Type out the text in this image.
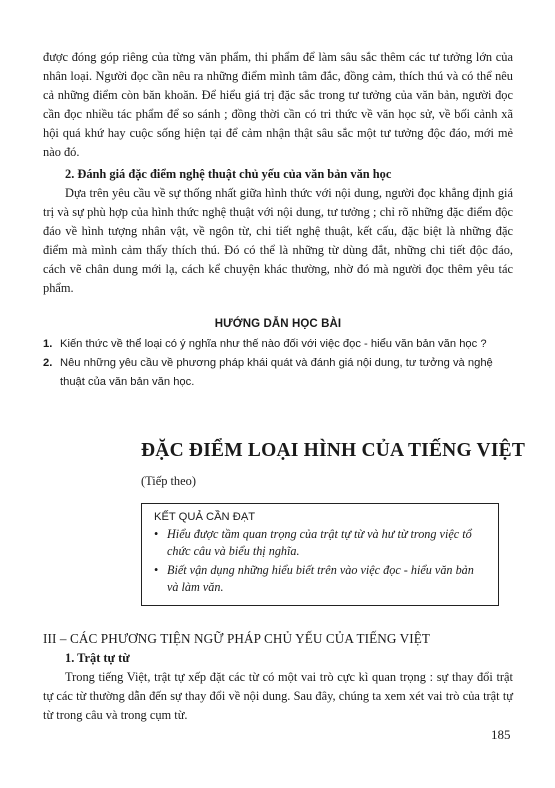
được đóng góp riêng của từng văn phẩm, thi phẩm để làm sâu sắc thêm các tư tưởng lớn của nhân loại. Người đọc cần nêu ra những điểm mình tâm đắc, đồng cảm, thích thú và có thể nêu cả những điểm còn băn khoăn. Để hiểu giá trị đặc sắc trong tư tưởng của văn bản, người đọc cần đọc nhiều tác phẩm để so sánh ; đồng thời cần có tri thức về văn học sử, về bối cảnh xã hội quá khứ hay cuộc sống hiện tại để cảm nhận thật sâu sắc một tư tưởng độc đáo, mới mẻ nào đó.

2. Đánh giá đặc điểm nghệ thuật chủ yếu của văn bản văn học

Dựa trên yêu cầu về sự thống nhất giữa hình thức với nội dung, người đọc khẳng định giá trị và sự phù hợp của hình thức nghệ thuật với nội dung, tư tưởng ; chỉ rõ những đặc điểm độc đáo về hình tượng nhân vật, về ngôn từ, chi tiết nghệ thuật, kết cấu, đặc biệt là những đặc điểm mà mình cảm thấy thích thú. Đó có thể là những từ dùng đắt, những chi tiết độc đáo, cách vẽ chân dung mới lạ, cách kể chuyện khác thường, nhờ đó mà người đọc thêm yêu tác phẩm.

HƯỚNG DẪN HỌC BÀI
1. Kiến thức về thể loại có ý nghĩa như thế nào đối với việc đọc - hiểu văn bản văn học ?
2. Nêu những yêu cầu về phương pháp khái quát và đánh giá nội dung, tư tưởng và nghệ thuật của văn bản văn học.
ĐẶC ĐIỂM LOẠI HÌNH CỦA TIẾNG VIỆT
(Tiếp theo)
KẾT QUẢ CẦN ĐẠT
• Hiểu được tầm quan trọng của trật tự từ và hư từ trong việc tổ chức câu và biểu thị nghĩa.
• Biết vận dụng những hiểu biết trên vào việc đọc - hiểu văn bản và làm văn.
III – CÁC PHƯƠNG TIỆN NGỮ PHÁP CHỦ YẾU CỦA TIẾNG VIỆT

1. Trật tự từ

Trong tiếng Việt, trật tự xếp đặt các từ có một vai trò cực kì quan trọng : sự thay đổi trật tự các từ thường dẫn đến sự thay đổi về nội dung. Sau đây, chúng ta xem xét vai trò của trật tự từ trong câu và trong cụm từ.

185
